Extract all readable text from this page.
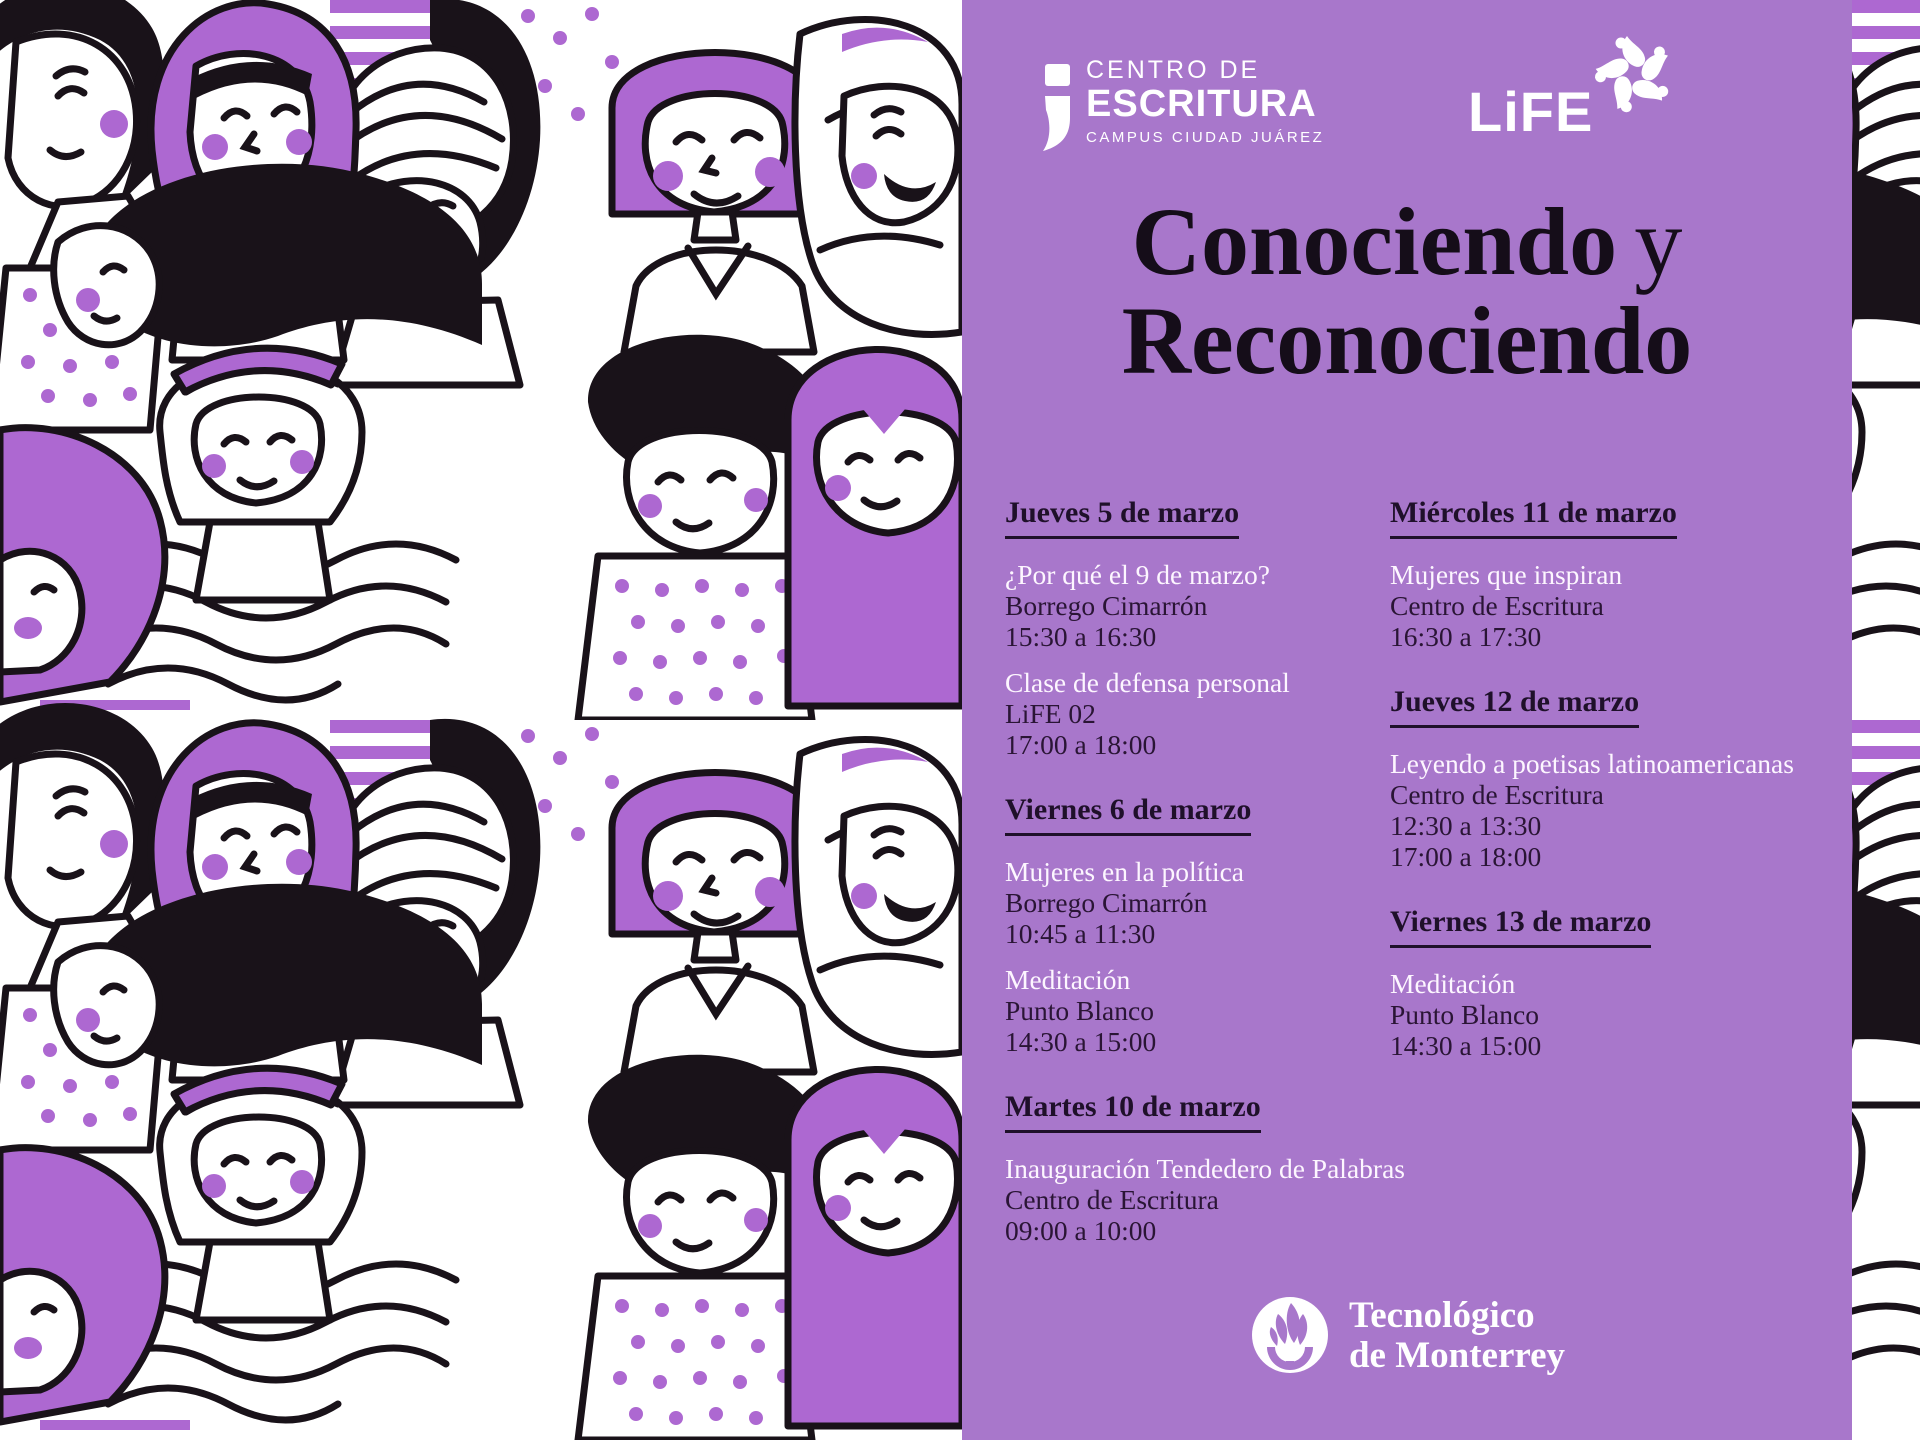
CENTRO DE
ESCRITURA
CAMPUS CIUDAD JUÁREZ	LiFE
Conociendo y
Reconociendo
Jueves 5 de marzo
¿Por qué el 9 de marzo?
Borrego Cimarrón
15:30 a 16:30
Clase de defensa personal
LiFE 02
17:00 a 18:00
Viernes 6 de marzo
Mujeres en la política
Borrego Cimarrón
10:45 a 11:30
Meditación
Punto Blanco
14:30 a 15:00
Martes 10 de marzo
Inauguración Tendedero de Palabras
Centro de Escritura
09:00 a 10:00
Miércoles 11 de marzo
Mujeres que inspiran
Centro de Escritura
16:30 a 17:30
Jueves 12 de marzo
Leyendo a poetisas latinoamericanas
Centro de Escritura
12:30 a 13:30
17:00 a 18:00
Viernes 13 de marzo
Meditación
Punto Blanco
14:30 a 15:00
Tecnológico
de Monterrey
